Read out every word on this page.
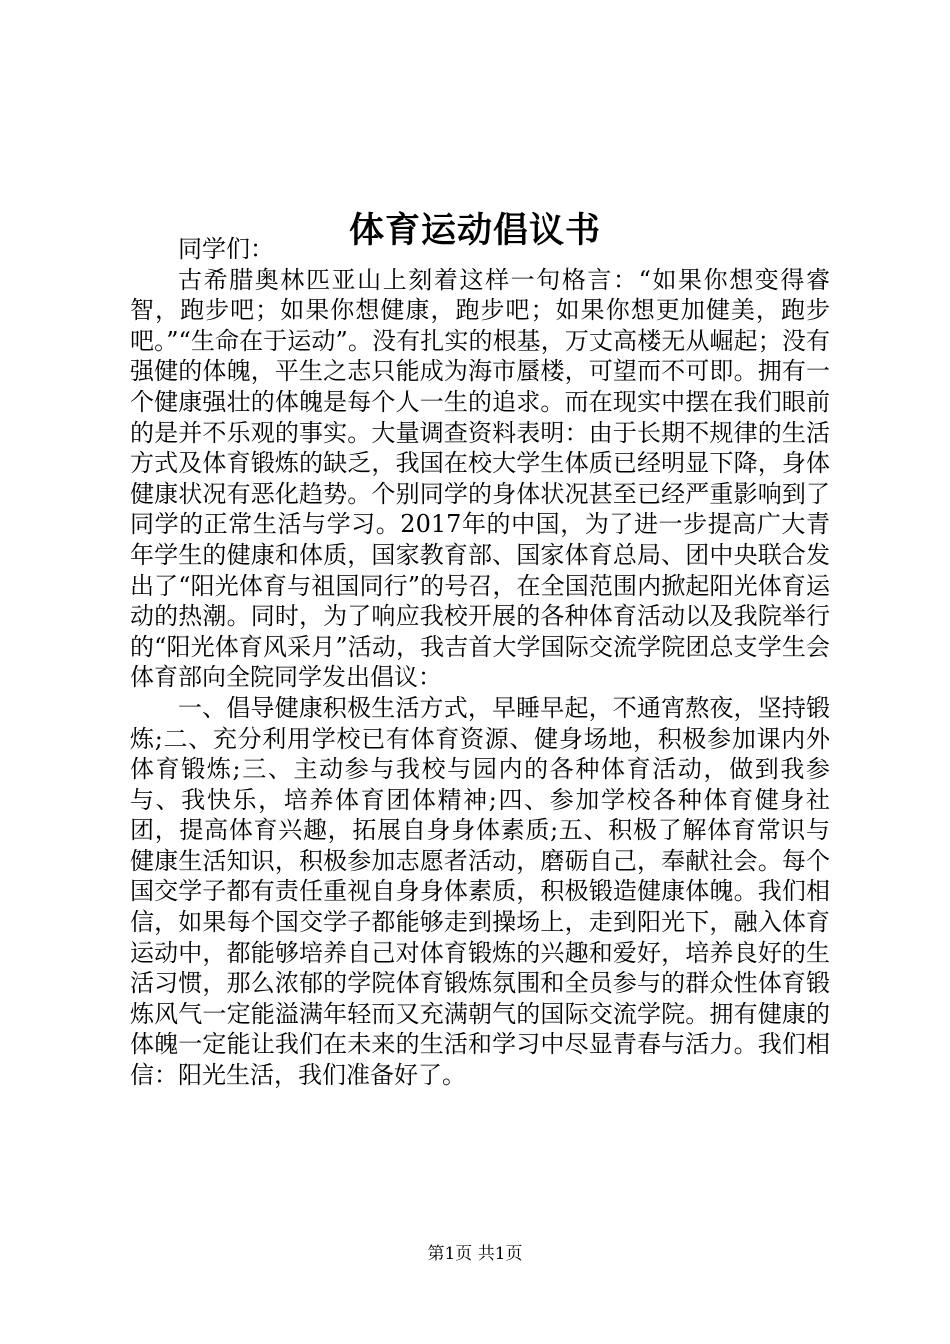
体育运动倡议书

同学们：

古希腊奥林匹亚山上刻着这样一句格言：“如果你想变得睿智，跑步吧；如果你想健康，跑步吧；如果你想更加健美，跑步吧。”“生命在于运动”。没有扎实的根基，万丈高楼无从崛起；没有强健的体魄，平生之志只能成为海市蜃楼，可望而不可即。拥有一个健康强壮的体魄是每个人一生的追求。而在现实中摆在我们眼前的是并不乐观的事实。大量调查资料表明：由于长期不规律的生活方式及体育锻炼的缺乏，我国在校大学生体质已经明显下降，身体健康状况有恶化趋势。个别同学的身体状况甚至已经严重影响到了同学的正常生活与学习。2017年的中国，为了进一步提高广大青年学生的健康和体质，国家教育部、国家体育总局、团中央联合发出了“阳光体育与祖国同行”的号召，在全国范围内掀起阳光体育运动的热潮。同时，为了响应我校开展的各种体育活动以及我院举行的“阳光体育风采月”活动，我吉首大学国际交流学院团总支学生会体育部向全院同学发出倡议：

一、倡导健康积极生活方式，早睡早起，不通宵熬夜，坚持锻炼;二、充分利用学校已有体育资源、健身场地，积极参加课内外体育锻炼;三、主动参与我校与园内的各种体育活动，做到我参与、我快乐，培养体育团体精神;四、参加学校各种体育健身社团，提高体育兴趣，拓展自身身体素质;五、积极了解体育常识与健康生活知识，积极参加志愿者活动，磨砺自己，奉献社会。每个国交学子都有责任重视自身身体素质，积极锻造健康体魄。我们相信，如果每个国交学子都能够走到操场上，走到阳光下，融入体育运动中，都能够培养自己对体育锻炼的兴趣和爱好，培养良好的生活习惯，那么浓郁的学院体育锻炼氛围和全员参与的群众性体育锻炼风气一定能溢满年轻而又充满朝气的国际交流学院。拥有健康的体魄一定能让我们在未来的生活和学习中尽显青春与活力。我们相信：阳光生活，我们准备好了。

第1页 共1页
